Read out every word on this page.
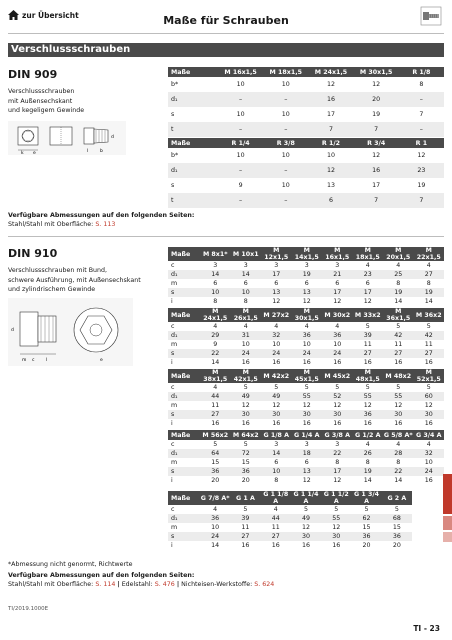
zur Übersicht	Maße für Schrauben
Verschlussschrauben
DIN 909
Verschlussschrauben
mit Außensechskant
und kegeligem Gewinde
k e
d
l	b
Maße	M 16x1,5	M 18x1,5	M 24x1,5	M 30x1,5	R 1/8
b*	10	10	12	12	8
d₁	–	–	16	20	–
s	10	10	17	19	7
t	–	–	7	7	–
Maße	R 1/4	R 3/8	R 1/2	R 3/4	R 1
b*	10	10	10	12	12
d₁	–	–	12	16	23
s	9	10	13	17	19
t	–	–	6	7	7
Verfügbare Abmessungen auf den folgenden Seiten:
Stahl/Stahl mit Oberfläche: S. 113
DIN 910
Verschlussschrauben mit Bund,
schwere Ausführung, mit Außensechskant
und zylindrischem Gewinde
d
m c	l	e
Maße	M 8x1*	M 10x1	M 12x1,5	M 14x1,5	M 16x1,5	M 18x1,5	M 20x1,5	M 22x1,5
c	3	3	3	3	3	4	4	4
d₁	14	14	17	19	21	23	25	27
m	6	6	6	6	6	6	8	8
s	10	10	13	13	17	17	19	19
i	8	8	12	12	12	12	14	14
Maße	M 24x1,5	M 26x1,5	M 27x2	M 30x1,5	M 30x2	M 33x2	M 36x1,5	M 36x2
c	4	4	4	4	4	5	5	5
d₁	29	31	32	36	36	39	42	42
m	9	10	10	10	10	11	11	11
s	22	24	24	24	24	27	27	27
i	14	16	16	16	16	16	16	16
Maße	M 38x1,5	M 42x1,5	M 42x2	M 45x1,5	M 45x2	M 48x1,5	M 48x2	M 52x1,5
c	4	5	5	5	5	5	5	5
d₁	44	49	49	55	52	55	55	60
m	11	12	12	12	12	12	12	12
s	27	30	30	30	30	36	30	30
i	16	16	16	16	16	16	16	16
Maße	M 56x2	M 64x2	G 1/8 A	G 1/4 A	G 3/8 A	G 1/2 A	G 5/8 A*	G 3/4 A
c	5	5	3	3	3	4	4	4
d₁	64	72	14	18	22	26	28	32
m	15	15	6	6	8	8	8	10
s	36	36	10	13	17	19	22	24
i	20	20	8	12	12	14	14	16
Maße	G 7/8 A*	G 1 A	G 1 1/8 A	G 1 1/4 A	G 1 1/2 A	G 1 3/4 A	G 2 A
c	4	5	4	5	5	5	5
d₁	36	39	44	49	55	62	68
m	10	11	11	12	12	15	15
s	24	27	27	30	30	36	36
i	14	16	16	16	16	20	20
*Abmessung nicht genormt, Richtwerte
Verfügbare Abmessungen auf den folgenden Seiten:
Stahl/Stahl mit Oberfläche: S. 114 | Edelstahl: S. 476 | Nichteisen-Werkstoffe: S. 624
TI/2019.1000E
TI - 23
